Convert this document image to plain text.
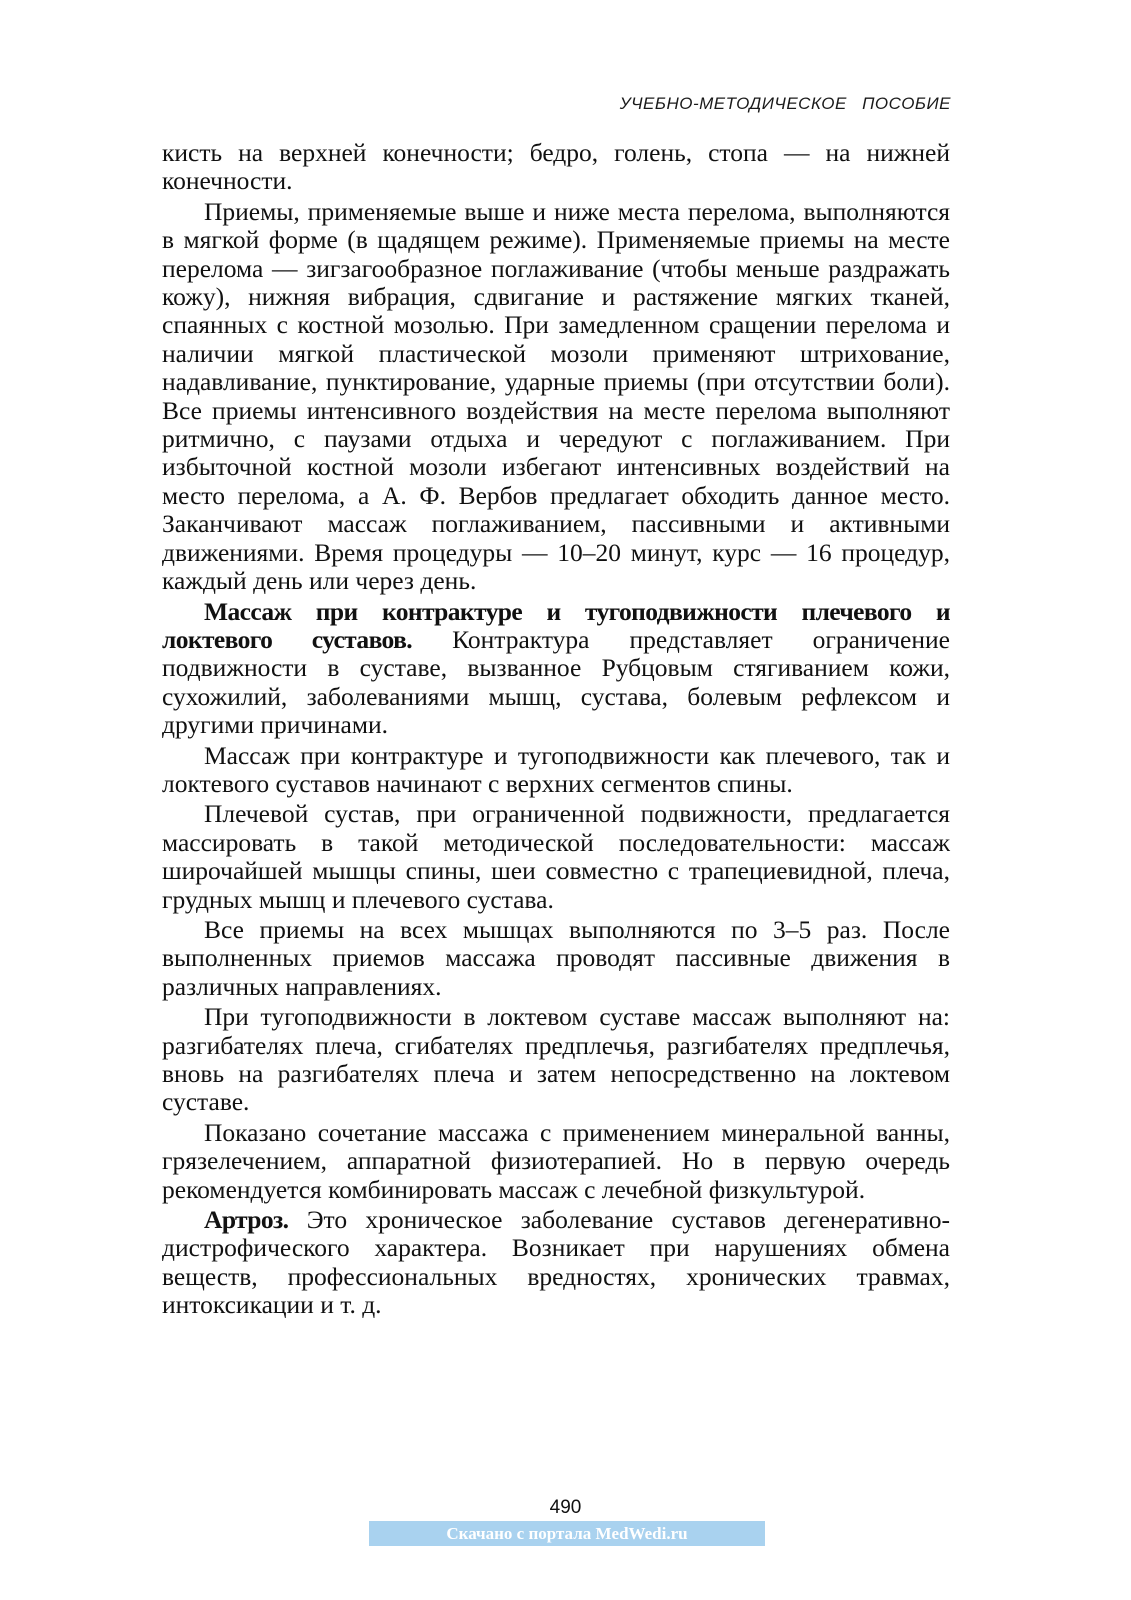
УЧЕБНО-МЕТОДИЧЕСКОЕ ПОСОБИЕ

кисть на верхней конечности; бедро, голень, стопа — на нижней конечности.

Приемы, применяемые выше и ниже места перелома, выполняются в мягкой форме (в щадящем режиме). Применяемые приемы на месте перелома — зигзагообразное поглаживание (чтобы меньше раздражать кожу), нижняя вибрация, сдвигание и растяжение мягких тканей, спаянных с костной мозолью. При замедленном сращении перелома и наличии мягкой пластической мозоли применяют штрихование, надавливание, пунктирование, ударные приемы (при отсутствии боли). Все приемы интенсивного воздействия на месте перелома выполняют ритмично, с паузами отдыха и чередуют с поглаживанием. При избыточной костной мозоли избегают интенсивных воздействий на место перелома, а А. Ф. Вербов предлагает обходить данное место. Заканчивают массаж поглаживанием, пассивными и активными движениями. Время процедуры — 10–20 минут, курс — 16 процедур, каждый день или через день.

Массаж при контрактуре и тугоподвижности плечевого и локтевого суставов. Контрактура представляет ограничение подвижности в суставе, вызванное Рубцовым стягиванием кожи, сухожилий, заболеваниями мышц, сустава, болевым рефлексом и другими причинами.

Массаж при контрактуре и тугоподвижности как плечевого, так и локтевого суставов начинают с верхних сегментов спины.

Плечевой сустав, при ограниченной подвижности, предлагается массировать в такой методической последовательности: массаж широчайшей мышцы спины, шеи совместно с трапециевидной, плеча, грудных мышц и плечевого сустава.

Все приемы на всех мышцах выполняются по 3–5 раз. После выполненных приемов массажа проводят пассивные движения в различных направлениях.

При тугоподвижности в локтевом суставе массаж выполняют на: разгибателях плеча, сгибателях предплечья, разгибателях предплечья, вновь на разгибателях плеча и затем непосредственно на локтевом суставе.

Показано сочетание массажа с применением минеральной ванны, грязелечением, аппаратной физиотерапией. Но в первую очередь рекомендуется комбинировать массаж с лечебной физкультурой.

Артроз. Это хроническое заболевание суставов дегенеративно-дистрофического характера. Возникает при нарушениях обмена веществ, профессиональных вредностях, хронических травмах, интоксикации и т. д.

490
Скачано с портала MedWedi.ru
